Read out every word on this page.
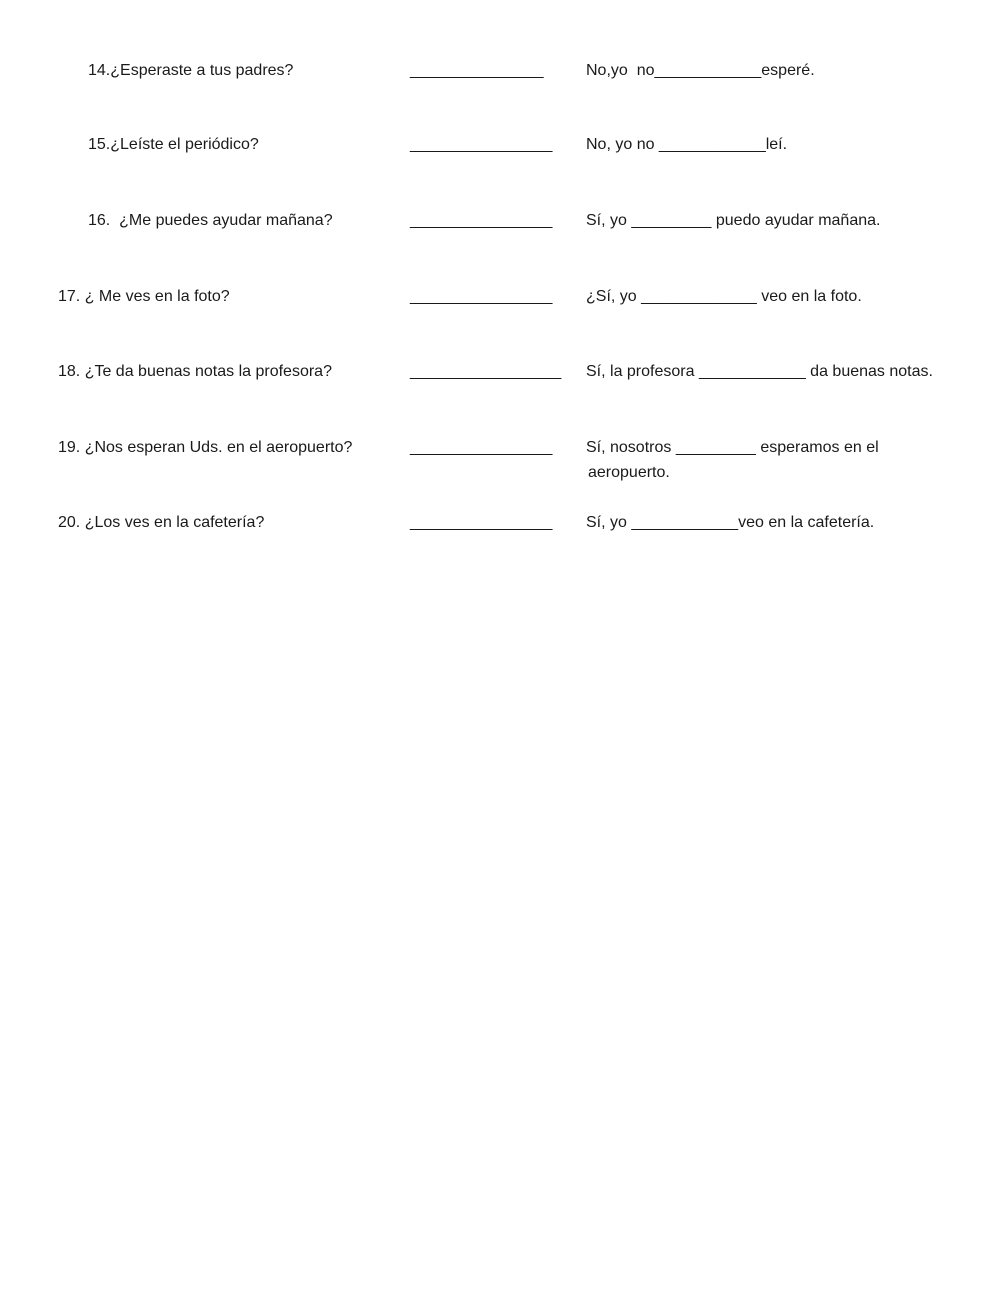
14.¿Esperaste a tus padres?	_______________	No,yo  no____________esperé.
15.¿Leíste el periódico?	________________ No, yo no ____________leí.
16.  ¿Me puedes ayudar mañana?	________________ Sí, yo _________ puedo ayudar mañana.
17. ¿ Me ves en la foto?	________________ ¿Sí, yo _____________ veo en la foto.
18. ¿Te da buenas notas la profesora?	_________________ Sí, la profesora ____________ da buenas notas.
19. ¿Nos esperan Uds. en el aeropuerto?	________________ Sí, nosotros _________ esperamos en el
aeropuerto.
20. ¿Los ves en la cafetería?	________________ Sí, yo ____________veo en la cafetería.
